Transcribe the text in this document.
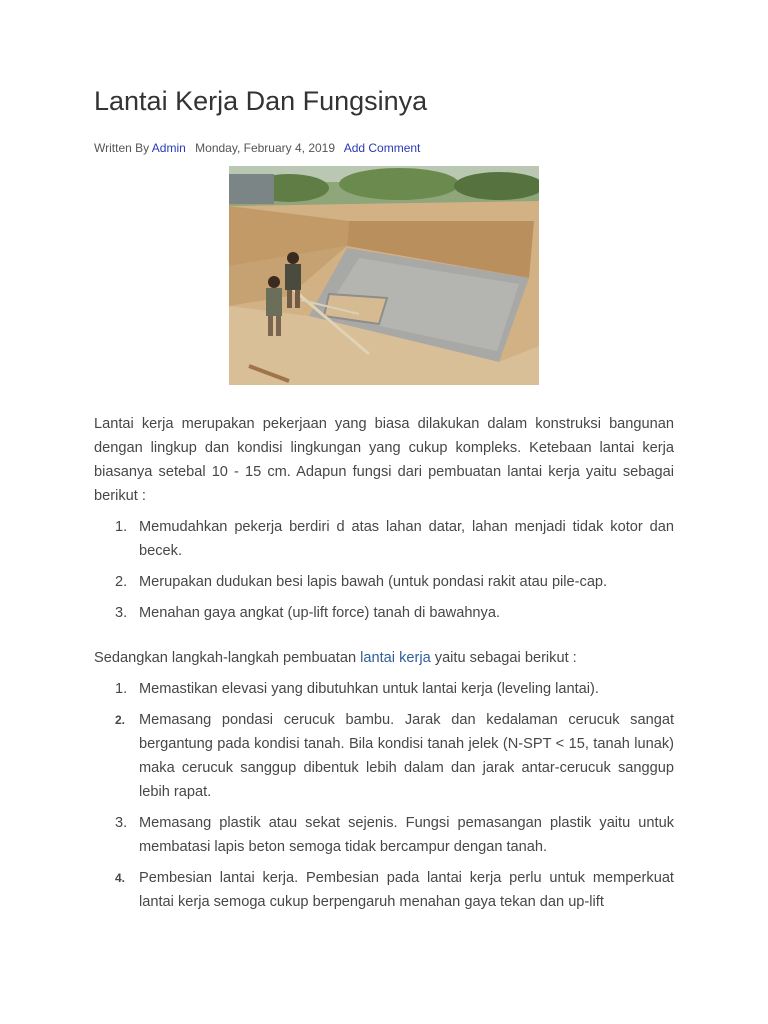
Lantai Kerja Dan Fungsinya
Written By Admin Monday, February 4, 2019 Add Comment

Lantai kerja merupakan pekerjaan yang biasa dilakukan dalam konstruksi bangunan dengan lingkup dan kondisi lingkungan yang cukup kompleks. Ketebaan lantai kerja biasanya setebal 10 - 15 cm. Adapun fungsi dari pembuatan lantai kerja yaitu sebagai berikut :

1. Memudahkan pekerja berdiri d atas lahan datar, lahan menjadi tidak kotor dan becek.
2. Merupakan dudukan besi lapis bawah (untuk pondasi rakit atau pile-cap.
3. Menahan gaya angkat (up-lift force) tanah di bawahnya.

Sedangkan langkah-langkah pembuatan lantai kerja yaitu sebagai berikut :

1. Memastikan elevasi yang dibutuhkan untuk lantai kerja (leveling lantai).
2. Memasang pondasi cerucuk bambu. Jarak dan kedalaman cerucuk sangat bergantung pada kondisi tanah. Bila kondisi tanah jelek (N-SPT < 15, tanah lunak) maka cerucuk sanggup dibentuk lebih dalam dan jarak antar-cerucuk sanggup lebih rapat.
3. Memasang plastik atau sekat sejenis. Fungsi pemasangan plastik yaitu untuk membatasi lapis beton semoga tidak bercampur dengan tanah.
4. Pembesian lantai kerja. Pembesian pada lantai kerja perlu untuk memperkuat lantai kerja semoga cukup berpengaruh menahan gaya tekan dan up-lift
